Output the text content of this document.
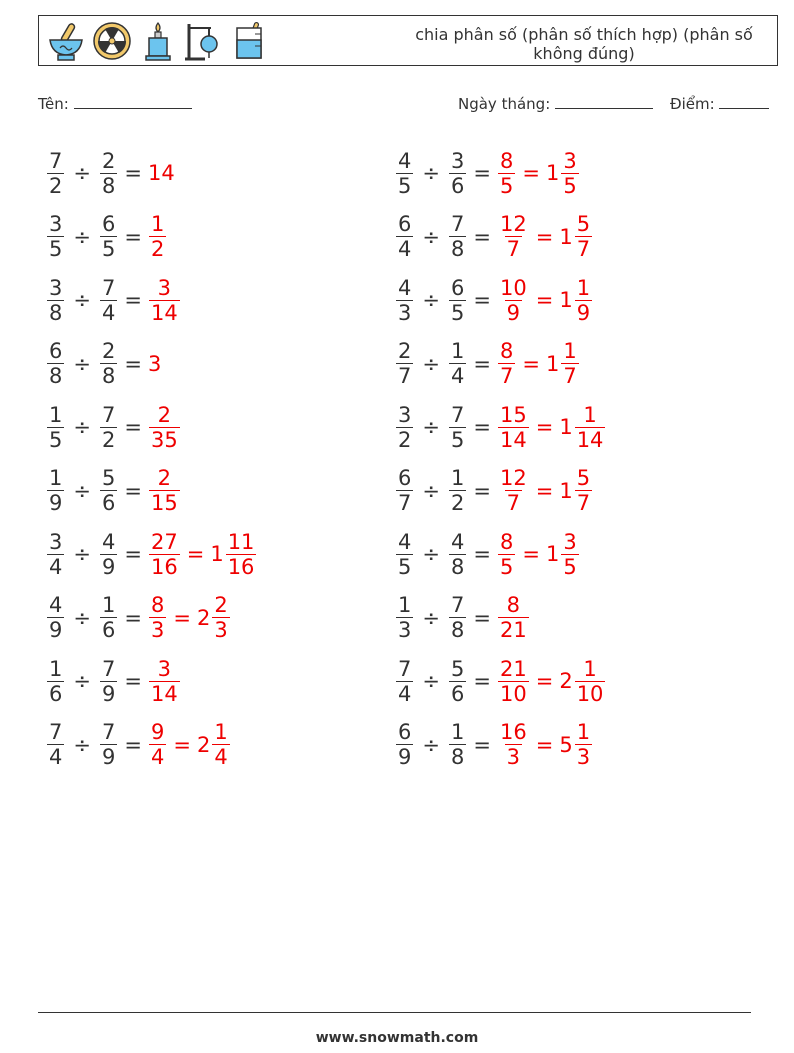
chia phân số (phân số thích hợp) (phân số không đúng)
Tên:	Ngày tháng:	Điểm:
$\frac{7}{2} \div \frac{2}{8} = 14$	$\frac{4}{5} \div \frac{3}{6} = \frac{8}{5} = 1 \frac{3}{5}$
$\frac{3}{5} \div \frac{6}{5} = \frac{1}{2}$	$\frac{6}{4} \div \frac{7}{8} = \frac{12}{7} = 1 \frac{5}{7}$
$\frac{3}{8} \div \frac{7}{4} = \frac{3}{14}$	$\frac{4}{3} \div \frac{6}{5} = \frac{10}{9} = 1 \frac{1}{9}$
$\frac{6}{8} \div \frac{2}{8} = 3$	$\frac{2}{7} \div \frac{1}{4} = \frac{8}{7} = 1 \frac{1}{7}$
$\frac{1}{5} \div \frac{7}{2} = \frac{2}{35}$	$\frac{3}{2} \div \frac{7}{5} = \frac{15}{14} = 1 \frac{1}{14}$
$\frac{1}{9} \div \frac{5}{6} = \frac{2}{15}$	$\frac{6}{7} \div \frac{1}{2} = \frac{12}{7} = 1 \frac{5}{7}$
$\frac{3}{4} \div \frac{4}{9} = \frac{27}{16} = 1 \frac{11}{16}$	$\frac{4}{5} \div \frac{4}{8} = \frac{8}{5} = 1 \frac{3}{5}$
$\frac{4}{9} \div \frac{1}{6} = \frac{8}{3} = 2 \frac{2}{3}$	$\frac{1}{3} \div \frac{7}{8} = \frac{8}{21}$
$\frac{1}{6} \div \frac{7}{9} = \frac{3}{14}$	$\frac{7}{4} \div \frac{5}{6} = \frac{21}{10} = 2 \frac{1}{10}$
$\frac{7}{4} \div \frac{7}{9} = \frac{9}{4} = 2 \frac{1}{4}$	$\frac{6}{9} \div \frac{1}{8} = \frac{16}{3} = 5 \frac{1}{3}$
www.snowmath.com
